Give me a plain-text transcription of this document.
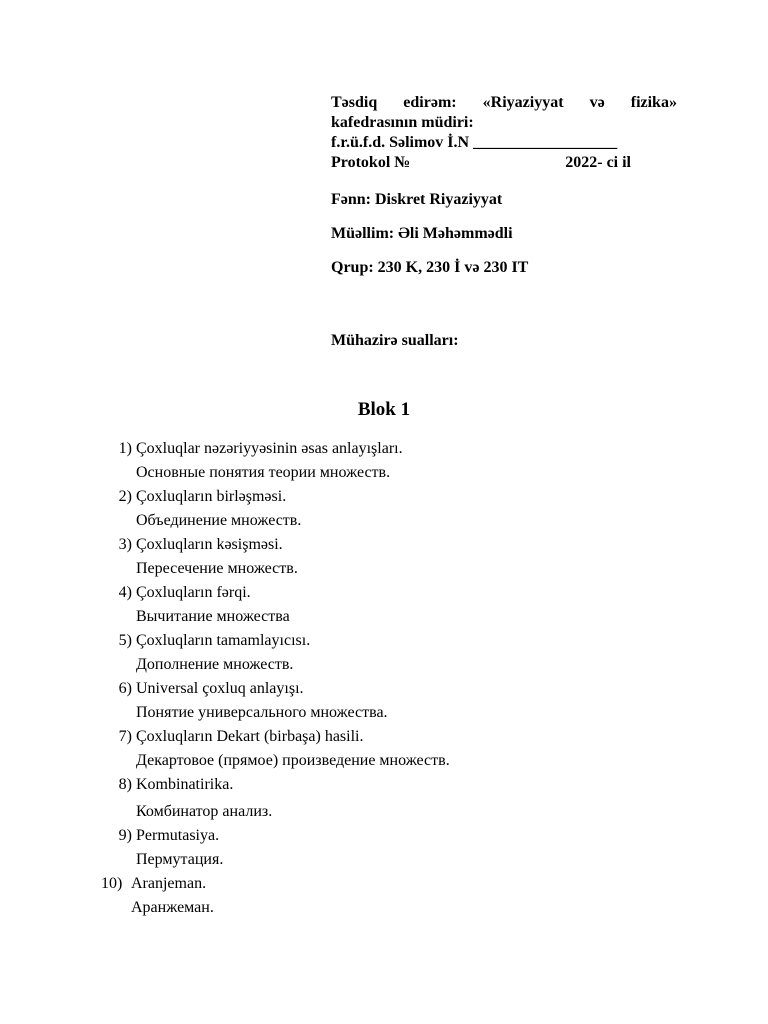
Təsdiq edirəm: «Riyaziyyat və fizika»
kafedrasının müdiri:
f.r.ü.f.d. Səlimov İ.N __________________
Protokol №	2022- ci il
Fənn: Diskret Riyaziyyat
Müəllim: Əli Məhəmmədli
Qrup: 230 K, 230 İ və 230 IT
Mühazirə sualları:
Blok 1
1) Çoxluqlar nəzəriyyəsinin əsas anlayışları.
Основные понятия теории множеств.
2) Çoxluqların birləşməsi.
Объединение множеств.
3) Çoxluqların kəsişməsi.
Пересечение множеств.
4) Çoxluqların fərqi.
Вычитание множества
5) Çoxluqların tamamlayıcısı.
Дополнение множеств.
6) Universal çoxluq anlayışı.
Понятие универсального множества.
7) Çoxluqların Dekart (birbaşa) hasili.
Декартовое (прямое) произведение множеств.
8) Kombinatirika.
Комбинатор анализ.
9) Permutasiya.
Пермутация.
10) Aranjeman.
Аранжеман.
